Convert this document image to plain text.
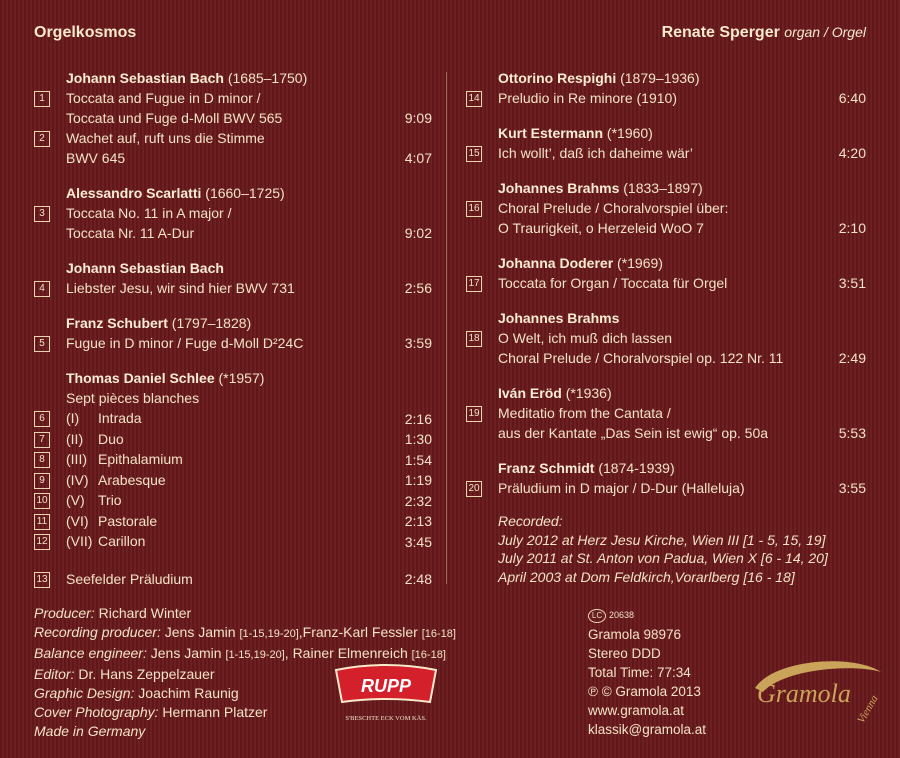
Orgelkosmos	Renate Sperger organ / Orgel
Johann Sebastian Bach (1685–1750)
1	Toccata and Fugue in D minor /
Toccata und Fuge d-Moll BWV 565	9:09
2	Wachet auf, ruft uns die Stimme
BWV 645	4:07
Alessandro Scarlatti (1660–1725)
3	Toccata No. 11 in A major /
Toccata Nr. 11 A-Dur	9:02
Johann Sebastian Bach
4	Liebster Jesu, wir sind hier BWV 731	2:56
Franz Schubert (1797–1828)
5	Fugue in D minor / Fuge d-Moll D²24C	3:59
Thomas Daniel Schlee (*1957)
Sept pièces blanches
6	(I)	Intrada	2:16
7	(II)	Duo	1:30
8	(III) Epithalamium	1:54
9	(IV) Arabesque	1:19
10 (V) Trio	2:32
11 (VI) Pastorale	2:13
12 (VII) Carillon	3:45
13 Seefelder Präludium	2:48
Ottorino Respighi (1879–1936)
14 Preludio in Re minore (1910)	6:40
Kurt Estermann (*1960)
15 Ich wollt’, daß ich daheime wär’	4:20
Johannes Brahms (1833–1897)
16 Choral Prelude / Choralvorspiel über:
O Traurigkeit, o Herzeleid WoO 7	2:10
Johanna Doderer (*1969)
17 Toccata for Organ / Toccata für Orgel	3:51
Johannes Brahms
18 O Welt, ich muß dich lassen
Choral Prelude / Choralvorspiel op. 122 Nr. 11	2:49
Iván Eröd (*1936)
19 Meditatio from the Cantata /
aus der Kantate „Das Sein ist ewig“ op. 50a	5:53
Franz Schmidt (1874-1939)
20 Präludium in D major / D-Dur (Halleluja)	3:55
Recorded:
July 2012 at Herz Jesu Kirche, Wien III [1 - 5, 15, 19]
July 2011 at St. Anton von Padua, Wien X [6 - 14, 20]
April 2003 at Dom Feldkirch,Vorarlberg [16 - 18]
Producer: Richard Winter
Recording producer: Jens Jamin [1-15,19-20],Franz-Karl Fessler [16-18]
Balance engineer: Jens Jamin [1-15,19-20], Rainer Elmenreich [16-18]
Editor: Dr. Hans Zeppelzauer
Graphic Design: Joachim Raunig
Cover Photography: Hermann Platzer
Made in Germany
LC 20638
Gramola 98976
Stereo DDD
Total Time: 77:34
℗ © Gramola 2013
www.gramola.at
klassik@gramola.at
RUPP
S'BESCHTE ECK VOM KÄS.
Gramola Vienna
